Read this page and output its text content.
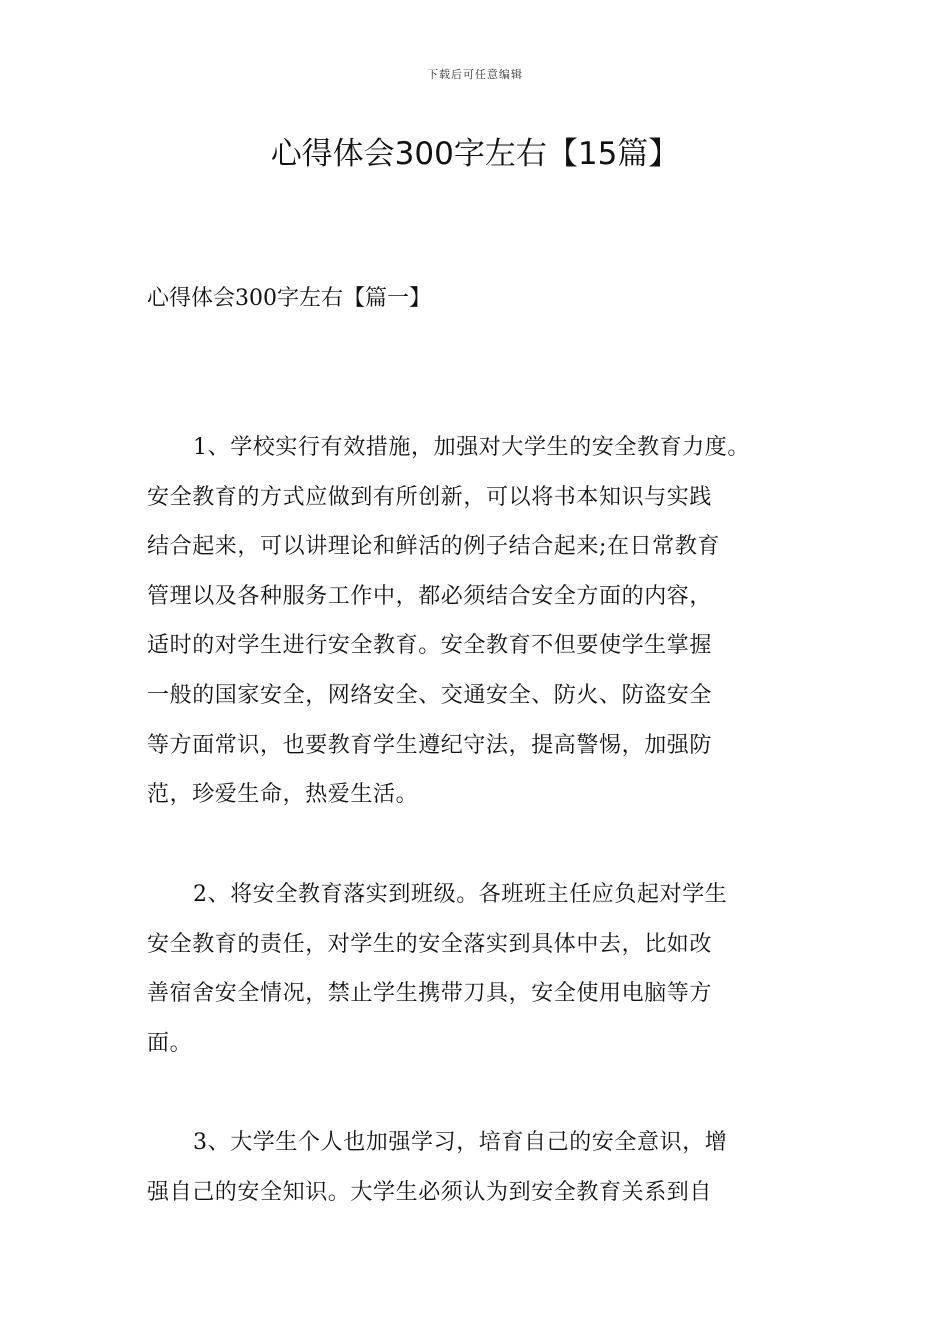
下载后可任意编辑
心得体会300字左右【15篇】
心得体会300字左右【篇一】
1、学校实行有效措施，加强对大学生的安全教育力度。
安全教育的方式应做到有所创新，可以将书本知识与实践
结合起来，可以讲理论和鲜活的例子结合起来;在日常教育
管理以及各种服务工作中，都必须结合安全方面的内容，
适时的对学生进行安全教育。安全教育不但要使学生掌握
一般的国家安全，网络安全、交通安全、防火、防盗安全
等方面常识，也要教育学生遵纪守法，提高警惕，加强防
范，珍爱生命，热爱生活。
2、将安全教育落实到班级。各班班主任应负起对学生
安全教育的责任，对学生的安全落实到具体中去，比如改
善宿舍安全情况，禁止学生携带刀具，安全使用电脑等方
面。
3、大学生个人也加强学习，培育自己的安全意识，增
强自己的安全知识。大学生必须认为到安全教育关系到自
